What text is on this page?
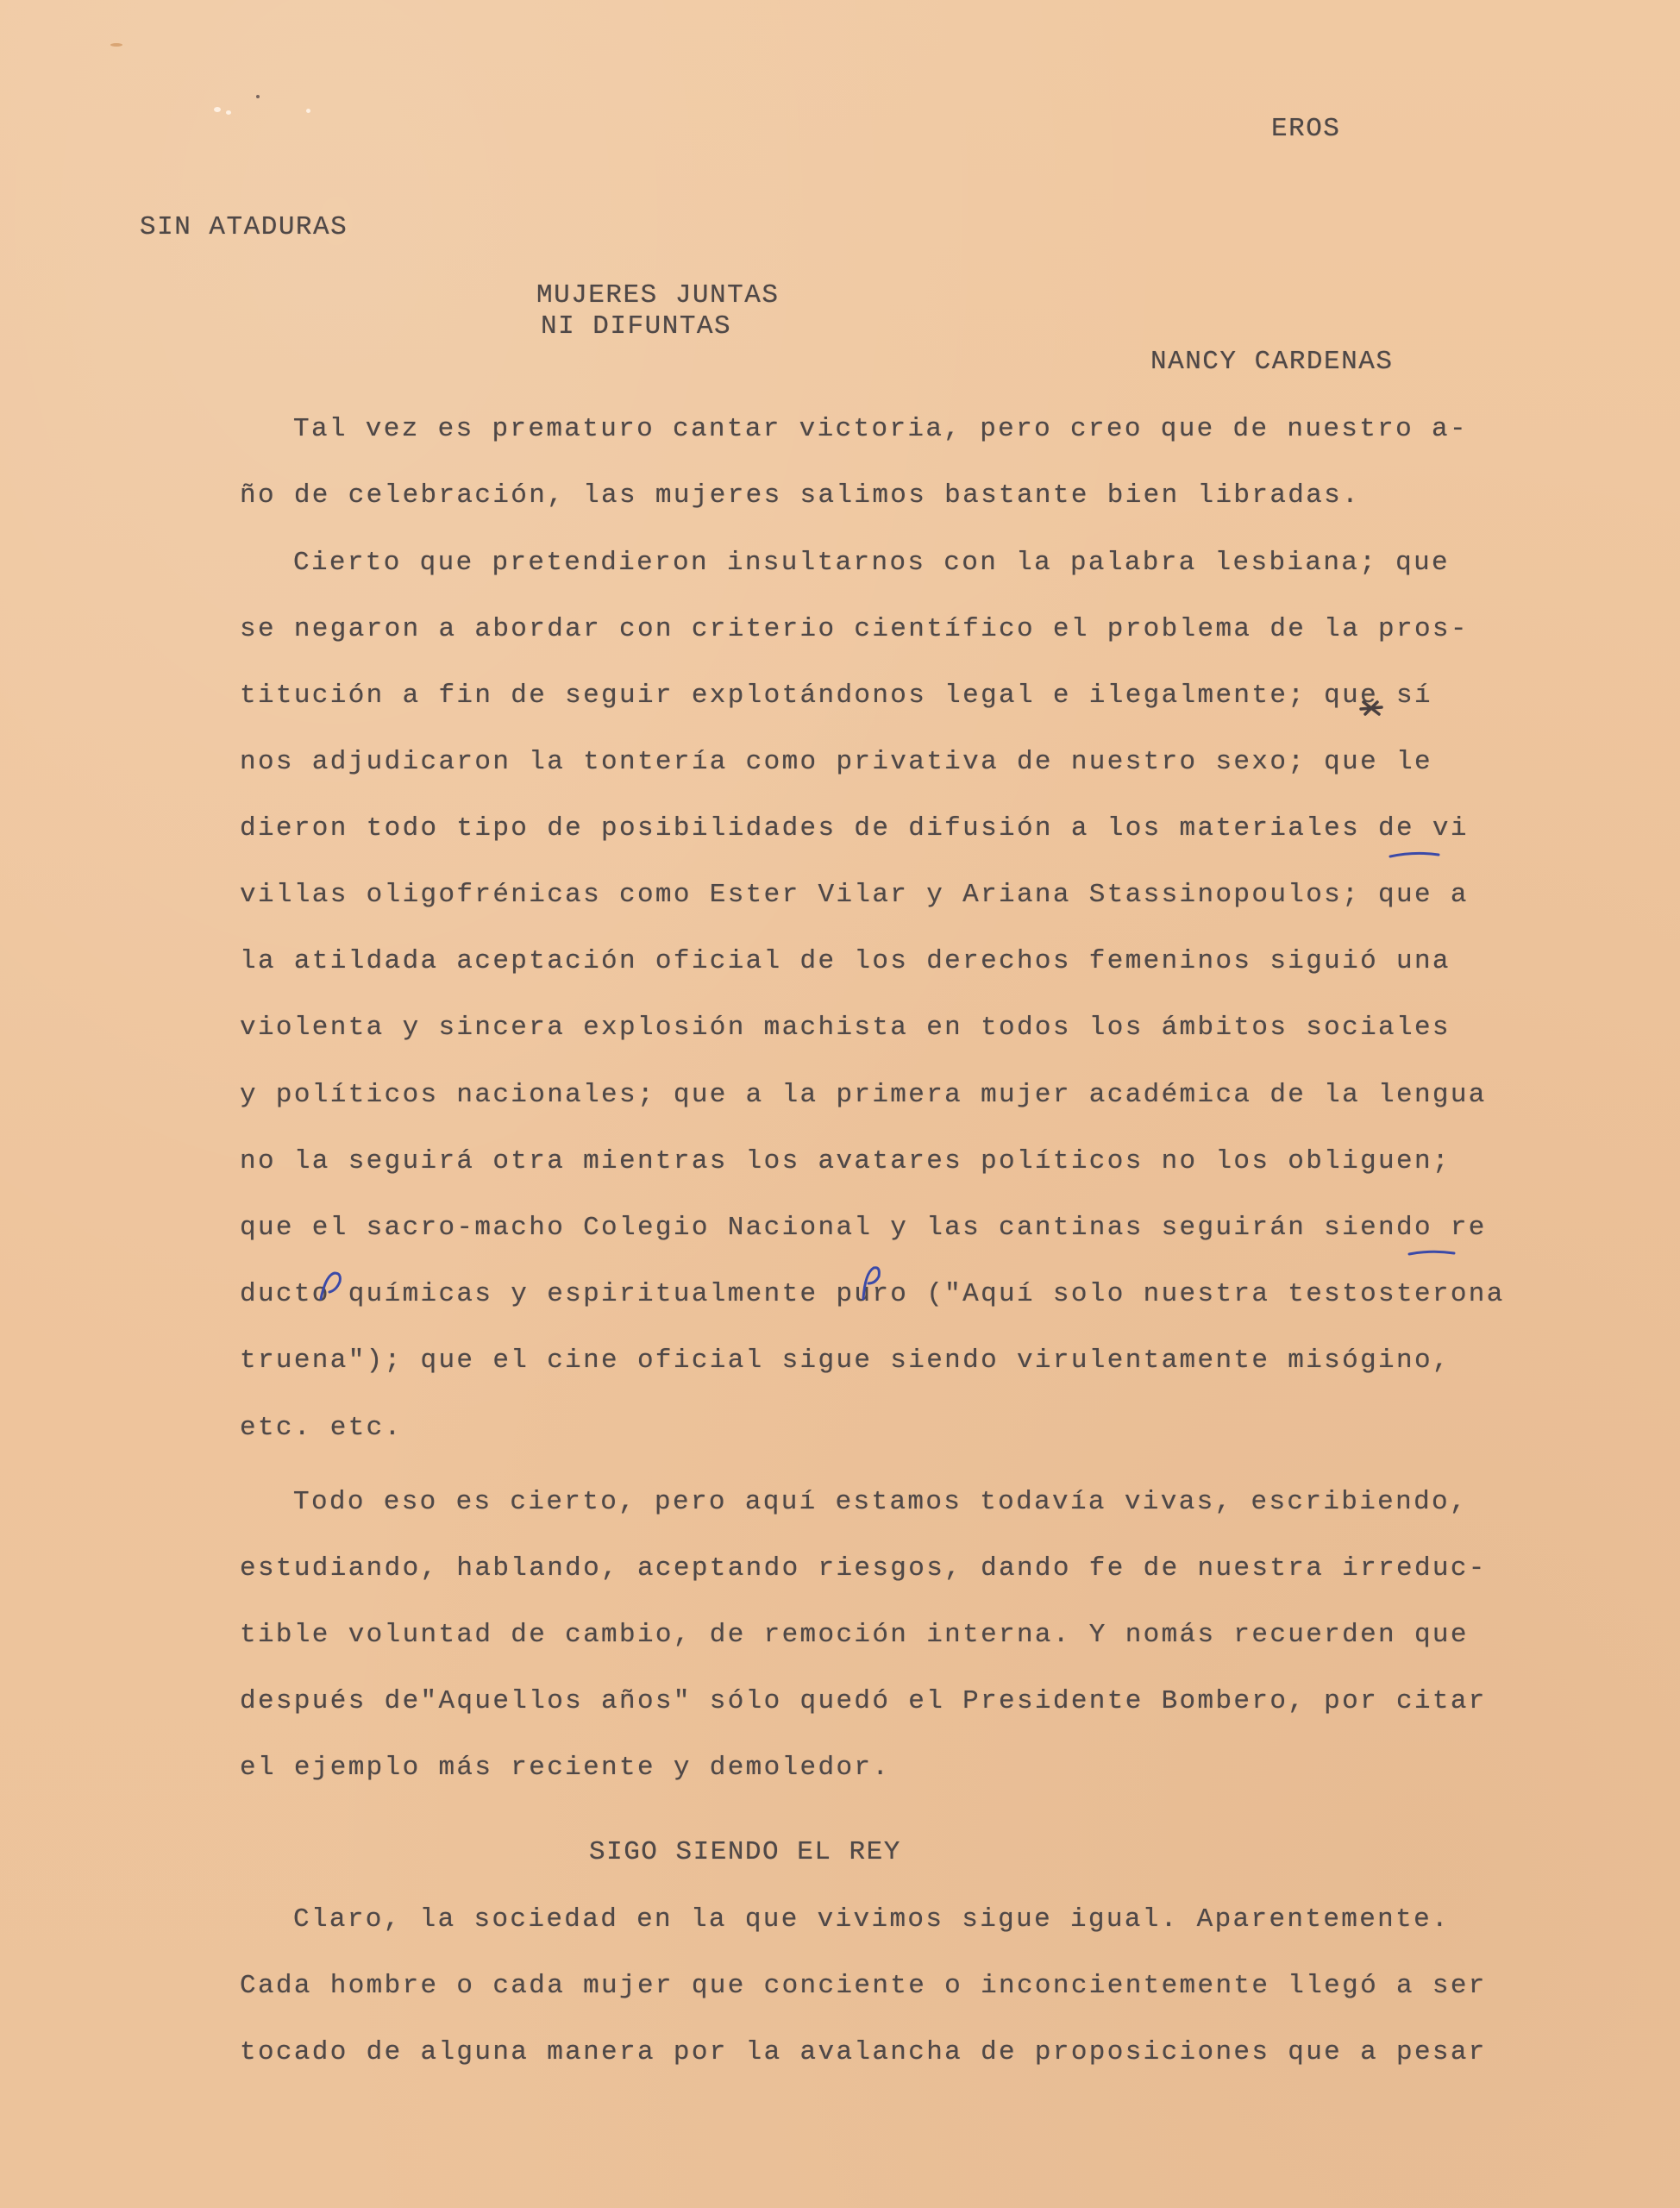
EROS
SIN ATADURAS
MUJERES JUNTAS
NI DIFUNTAS
NANCY CARDENAS
Tal vez es prematuro cantar victoria, pero creo que de nuestro a-
ño de celebración, las mujeres salimos bastante bien libradas.
Cierto que pretendieron insultarnos con la palabra lesbiana; que
se negaron a abordar con criterio científico el problema de la pros-
titución a fin de seguir explotándonos legal e ilegalmente; que sí
nos adjudicaron la tontería como privativa de nuestro sexo; que le
dieron todo tipo de posibilidades de difusión a los materiales de vi
villas oligofrénicas como Ester Vilar y Ariana Stassinopoulos; que a
la atildada aceptación oficial de los derechos femeninos siguió una
violenta y sincera explosión machista en todos los ámbitos sociales
y políticos nacionales; que a la primera mujer académica de la lengua
no la seguirá otra mientras los avatares políticos no los obliguen;
que el sacro-macho Colegio Nacional y las cantinas seguirán siendo re
ducto químicas y espiritualmente puro ("Aquí solo nuestra testosterona
truena"); que el cine oficial sigue siendo virulentamente misógino,
etc. etc.
Todo eso es cierto, pero aquí estamos todavía vivas, escribiendo,
estudiando, hablando, aceptando riesgos, dando fe de nuestra irreduc-
tible voluntad de cambio, de remoción interna. Y nomás recuerden que
después de"Aquellos años" sólo quedó el Presidente Bombero, por citar
el ejemplo más reciente y demoledor.
SIGO SIENDO EL REY
Claro, la sociedad en la que vivimos sigue igual. Aparentemente.
Cada hombre o cada mujer que conciente o inconcientemente llegó a ser
tocado de alguna manera por la avalancha de proposiciones que a pesar
